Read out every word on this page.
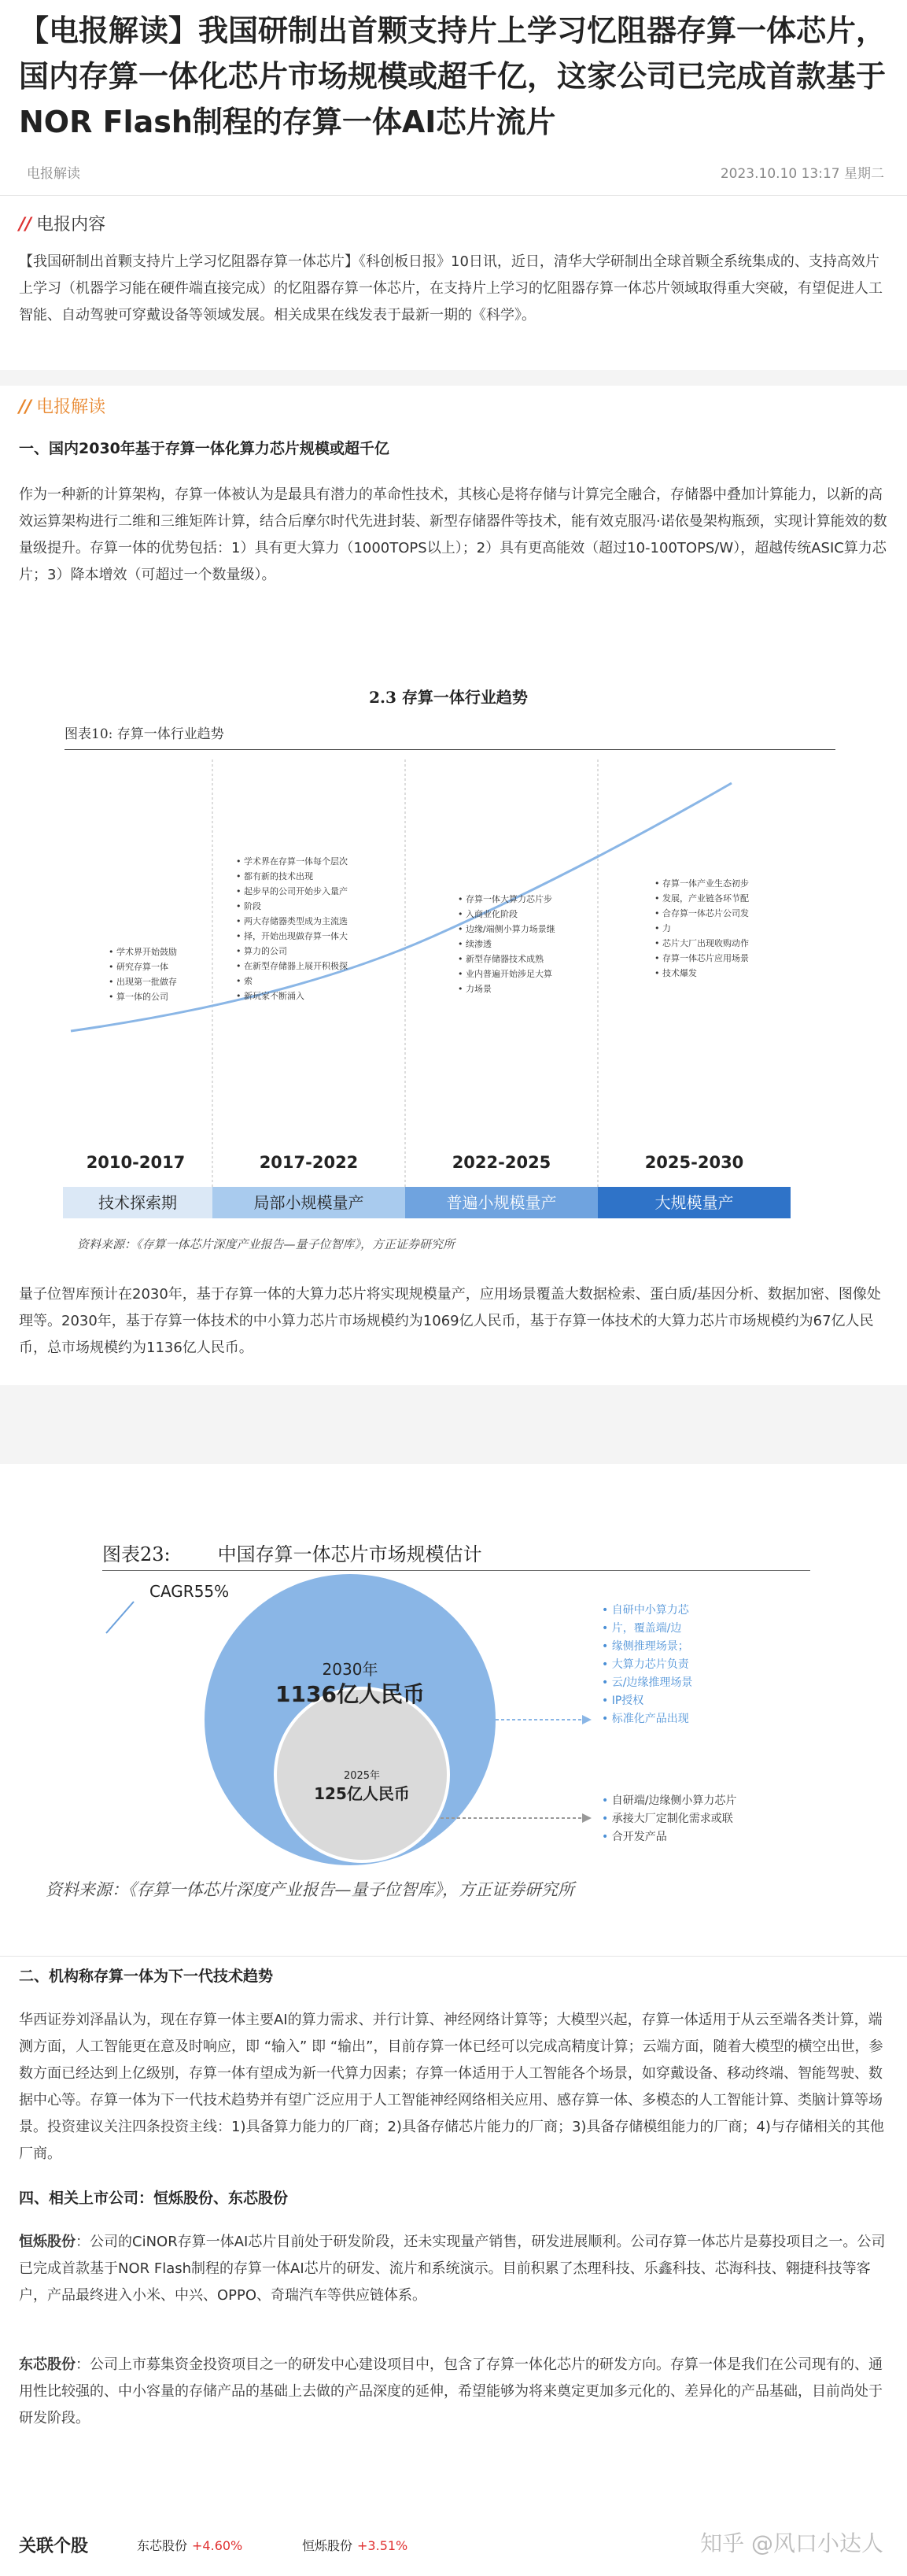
【电报解读】我国研制出首颗支持片上学习忆阻器存算一体芯片，国内存算一体化芯片市场规模或超千亿，这家公司已完成首款基于NOR Flash制程的存算一体AI芯片流片
电报解读	2023.10.10 13:17 星期二
// 电报内容

【我国研制出首颗支持片上学习忆阻器存算一体芯片】《科创板日报》10日讯，近日，清华大学研制出全球首颗全系统集成的、支持高效片上学习（机器学习能在硬件端直接完成）的忆阻器存算一体芯片，在支持片上学习的忆阻器存算一体芯片领域取得重大突破，有望促进人工智能、自动驾驶可穿戴设备等领域发展。相关成果在线发表于最新一期的《科学》。

// 电报解读
一、国内2030年基于存算一体化算力芯片规模或超千亿

作为一种新的计算架构，存算一体被认为是最具有潜力的革命性技术，其核心是将存储与计算完全融合，存储器中叠加计算能力，以新的高效运算架构进行二维和三维矩阵计算，结合后摩尔时代先进封装、新型存储器件等技术，能有效克服冯·诺依曼架构瓶颈，实现计算能效的数量级提升。存算一体的优势包括：1）具有更大算力（1000TOPS以上）；2）具有更高能效（超过10-100TOPS/W），超越传统ASIC算力芯片；3）降本增效（可超过一个数量级）。

2.3 存算一体行业趋势
图表10: 存算一体行业趋势
• 学术界开始鼓励
• 研究存算一体
• 出现第一批做存
• 算一体的公司
• 学术界在存算一体每个层次
• 都有新的技术出现
• 起步早的公司开始步入量产
• 阶段
• 两大存储器类型成为主流选
• 择，开始出现做存算一体大
• 算力的公司
• 在新型存储器上展开积极探
• 索
• 新玩家不断涌入
• 存算一体大算力芯片步
• 入商业化阶段
• 边缘/端侧小算力场景继
• 续渗透
• 新型存储器技术成熟
• 业内普遍开始涉足大算
• 力场景
• 存算一体产业生态初步
• 发展，产业链各环节配
• 合存算一体芯片公司发
• 力
• 芯片大厂出现收购动作
• 存算一体芯片应用场景
• 技术爆发
2010-2017	2017-2022	2022-2025	2025-2030
技术探索期	局部小规模量产	普遍小规模量产	大规模量产
资料来源：《存算一体芯片深度产业报告—量子位智库》，方正证券研究所

量子位智库预计在2030年，基于存算一体的大算力芯片将实现规模量产，应用场景覆盖大数据检索、蛋白质/基因分析、数据加密、图像处理等。2030年，基于存算一体技术的中小算力芯片市场规模约为1069亿人民币，基于存算一体技术的大算力芯片市场规模约为67亿人民币，总市场规模约为1136亿人民币。

图表23:	中国存算一体芯片市场规模估计
CAGR55%
2030年
1136亿人民币
2025年
125亿人民币
• 自研中小算力芯
• 片，覆盖端/边
• 缘侧推理场景；
• 大算力芯片负责
• 云/边缘推理场景
• IP授权
• 标准化产品出现
• 自研端/边缘侧小算力芯片
• 承接大厂定制化需求或联
• 合开发产品
资料来源：《存算一体芯片深度产业报告—量子位智库》，方正证券研究所
二、机构称存算一体为下一代技术趋势

华西证券刘泽晶认为，现在存算一体主要AI的算力需求、并行计算、神经网络计算等；大模型兴起，存算一体适用于从云至端各类计算，端测方面，人工智能更在意及时响应，即 “输入” 即 “输出”，目前存算一体已经可以完成高精度计算；云端方面，随着大模型的横空出世，参数方面已经达到上亿级别，存算一体有望成为新一代算力因素；存算一体适用于人工智能各个场景，如穿戴设备、移动终端、智能驾驶、数据中心等。存算一体为下一代技术趋势并有望广泛应用于人工智能神经网络相关应用、感存算一体、多模态的人工智能计算、类脑计算等场景。投资建议关注四条投资主线：1)具备算力能力的厂商；2)具备存储芯片能力的厂商；3)具备存储模组能力的厂商；4)与存储相关的其他厂商。

四、相关上市公司：恒烁股份、东芯股份

恒烁股份：公司的CiNOR存算一体AI芯片目前处于研发阶段，还未实现量产销售，研发进展顺利。公司存算一体芯片是募投项目之一。公司已完成首款基于NOR Flash制程的存算一体AI芯片的研发、流片和系统演示。目前积累了杰理科技、乐鑫科技、芯海科技、翱捷科技等客户，产品最终进入小米、中兴、OPPO、奇瑞汽车等供应链体系。

东芯股份：公司上市募集资金投资项目之一的研发中心建设项目中，包含了存算一体化芯片的研发方向。存算一体是我们在公司现有的、通用性比较强的、中小容量的存储产品的基础上去做的产品深度的延伸，希望能够为将来奠定更加多元化的、差异化的产品基础，目前尚处于研发阶段。

关联个股	东芯股份 +4.60%	恒烁股份 +3.51%	知乎 @风口小达人
